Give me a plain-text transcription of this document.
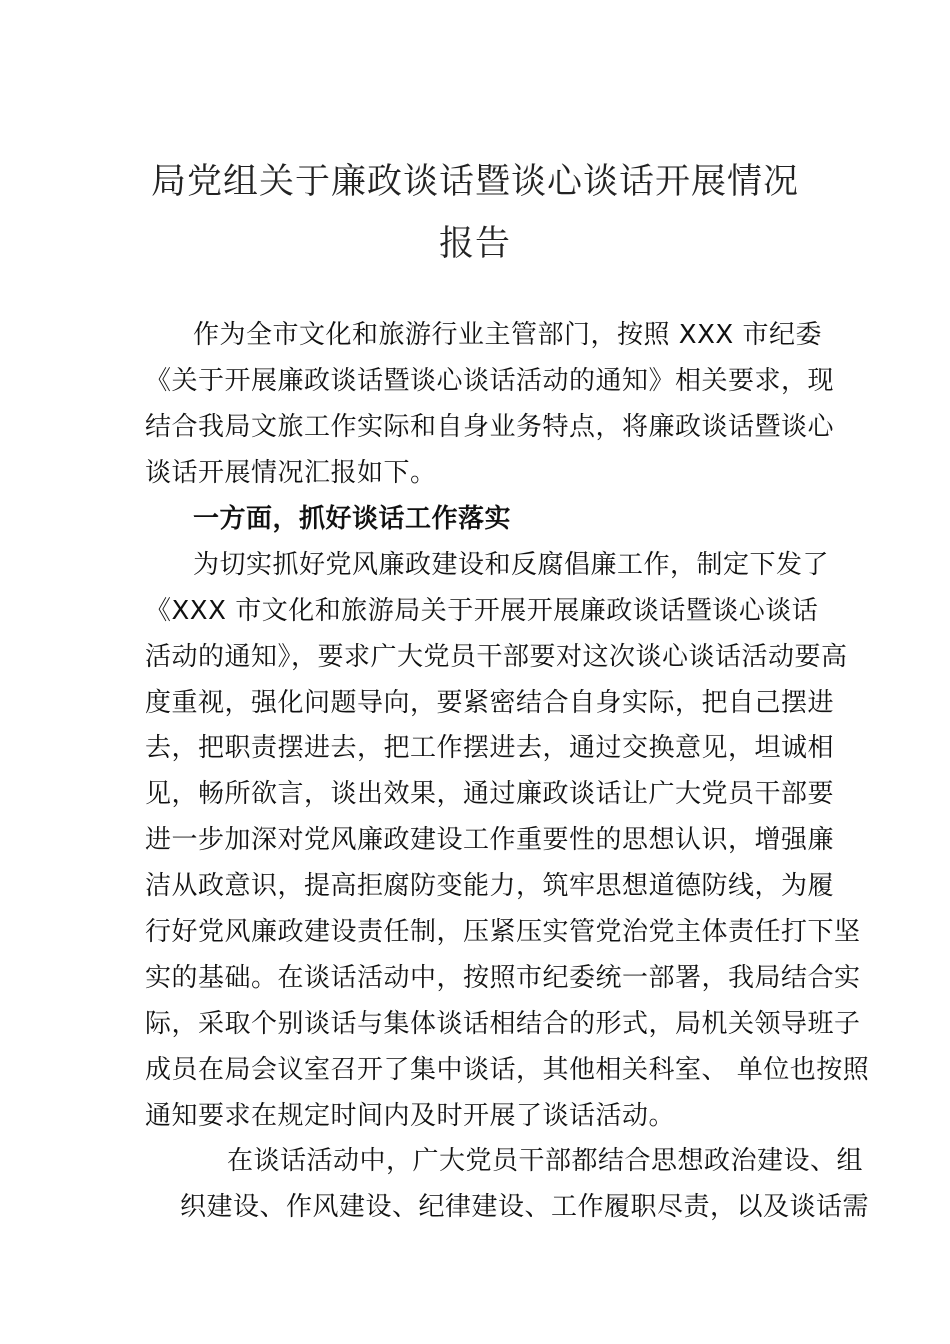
局党组关于廉政谈话暨谈心谈话开展情况
报告
作为全市文化和旅游行业主管部门，按照 XXX 市纪委
《关于开展廉政谈话暨谈心谈话活动的通知》相关要求，现
结合我局文旅工作实际和自身业务特点，将廉政谈话暨谈心
谈话开展情况汇报如下。
一方面，抓好谈话工作落实
为切实抓好党风廉政建设和反腐倡廉工作，制定下发了
《XXX 市文化和旅游局关于开展开展廉政谈话暨谈心谈话
活动的通知》，要求广大党员干部要对这次谈心谈话活动要高
度重视，强化问题导向，要紧密结合自身实际，把自己摆进
去，把职责摆进去，把工作摆进去，通过交换意见，坦诚相
见，畅所欲言，谈出效果，通过廉政谈话让广大党员干部要
进一步加深对党风廉政建设工作重要性的思想认识，增强廉
洁从政意识，提高拒腐防变能力，筑牢思想道德防线，为履
行好党风廉政建设责任制，压紧压实管党治党主体责任打下坚
实的基础。在谈话活动中，按照市纪委统一部署，我局结合实
际，采取个别谈话与集体谈话相结合的形式，局机关领导班子
成员在局会议室召开了集中谈话，其他相关科室、 单位也按照
通知要求在规定时间内及时开展了谈话活动。
在谈话活动中，广大党员干部都结合思想政治建设、组
织建设、作风建设、纪律建设、工作履职尽责，以及谈话需
